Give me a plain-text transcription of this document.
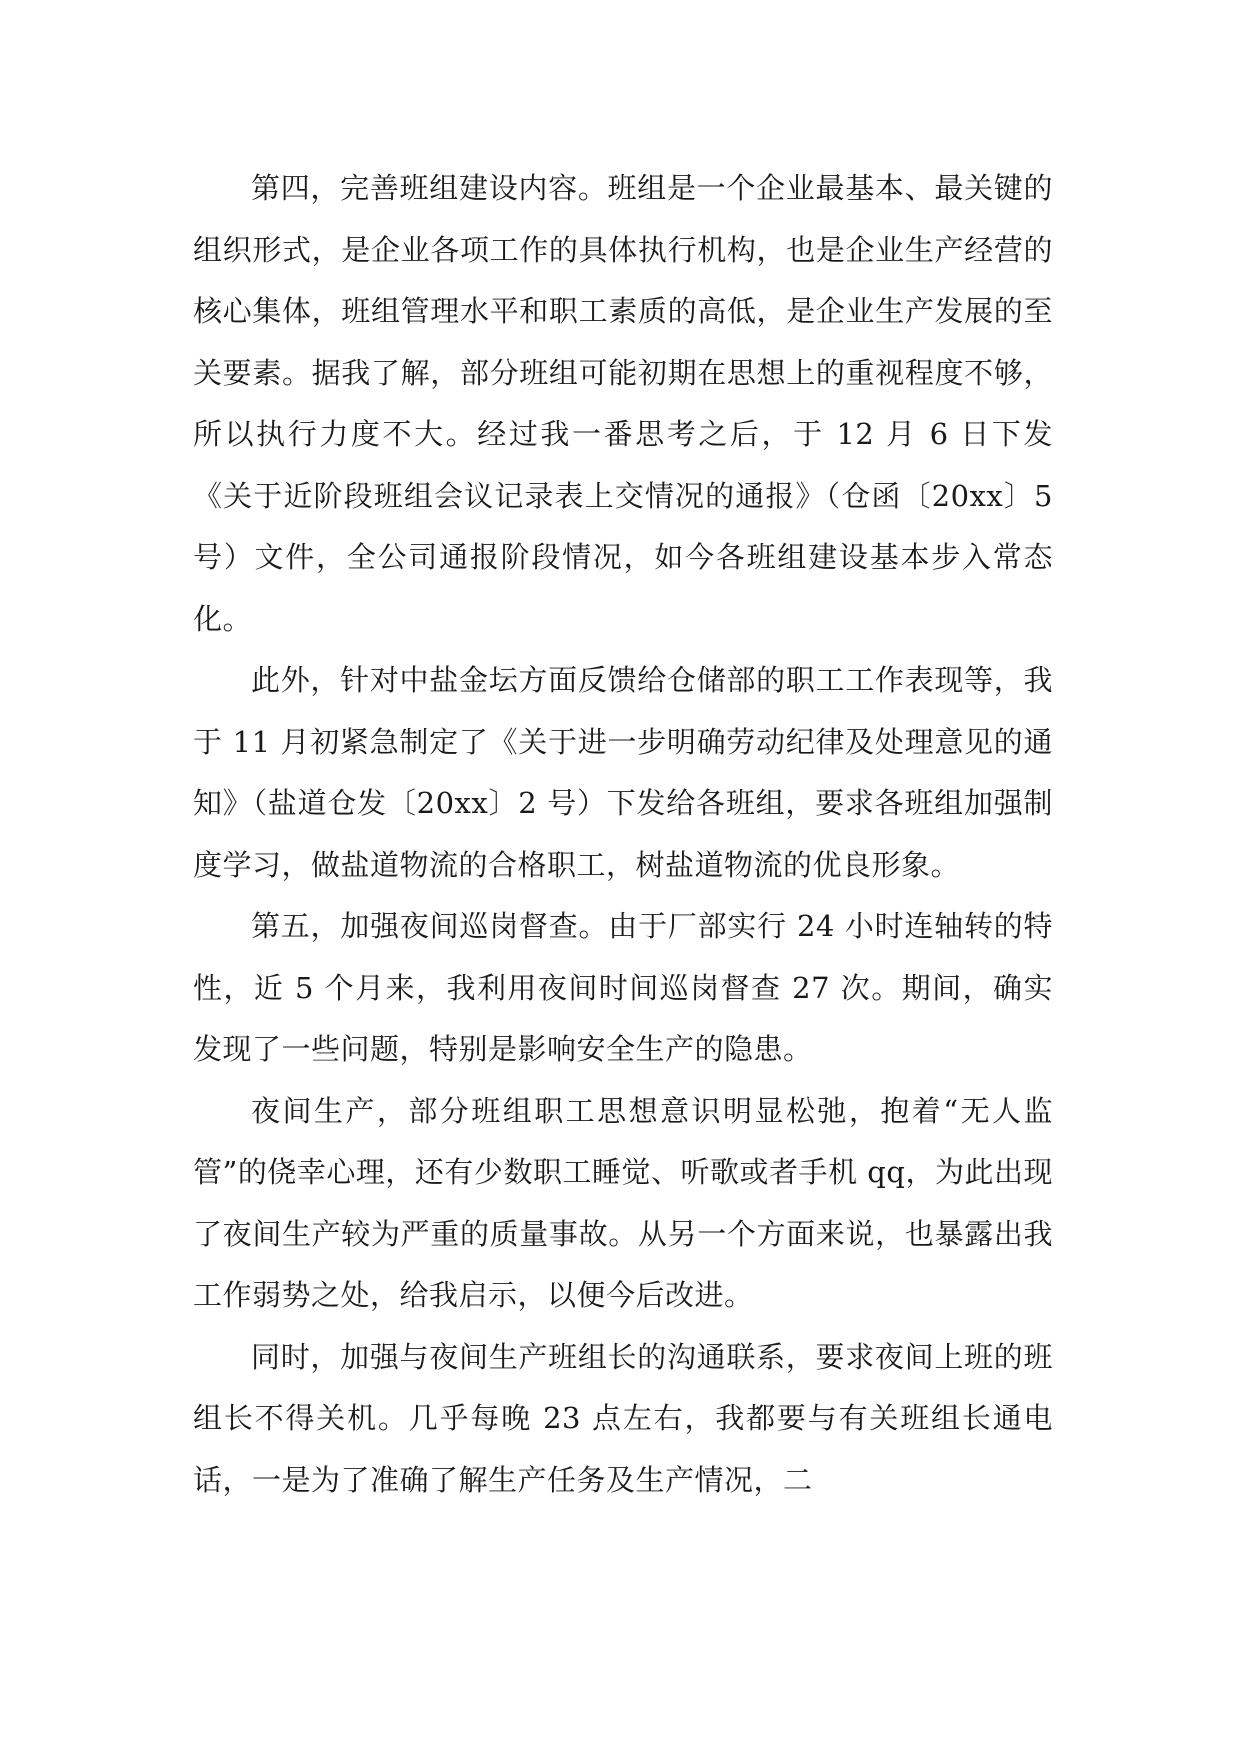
第四，完善班组建设内容。班组是一个企业最基本、最关键的组织形式，是企业各项工作的具体执行机构，也是企业生产经营的核心集体，班组管理水平和职工素质的高低，是企业生产发展的至关要素。据我了解，部分班组可能初期在思想上的重视程度不够，所以执行力度不大。经过我一番思考之后，于 12 月 6 日下发《关于近阶段班组会议记录表上交情况的通报》（仓函〔20xx〕5 号）文件，全公司通报阶段情况，如今各班组建设基本步入常态化。

此外，针对中盐金坛方面反馈给仓储部的职工工作表现等，我于 11 月初紧急制定了《关于进一步明确劳动纪律及处理意见的通知》（盐道仓发〔20xx〕2 号）下发给各班组，要求各班组加强制度学习，做盐道物流的合格职工，树盐道物流的优良形象。

第五，加强夜间巡岗督查。由于厂部实行 24 小时连轴转的特性，近 5 个月来，我利用夜间时间巡岗督查 27 次。期间，确实发现了一些问题，特别是影响安全生产的隐患。

夜间生产，部分班组职工思想意识明显松弛，抱着“无人监管”的侥幸心理，还有少数职工睡觉、听歌或者手机 qq，为此出现了夜间生产较为严重的质量事故。从另一个方面来说，也暴露出我工作弱势之处，给我启示，以便今后改进。

同时，加强与夜间生产班组长的沟通联系，要求夜间上班的班组长不得关机。几乎每晚 23 点左右，我都要与有关班组长通电话，一是为了准确了解生产任务及生产情况，二
